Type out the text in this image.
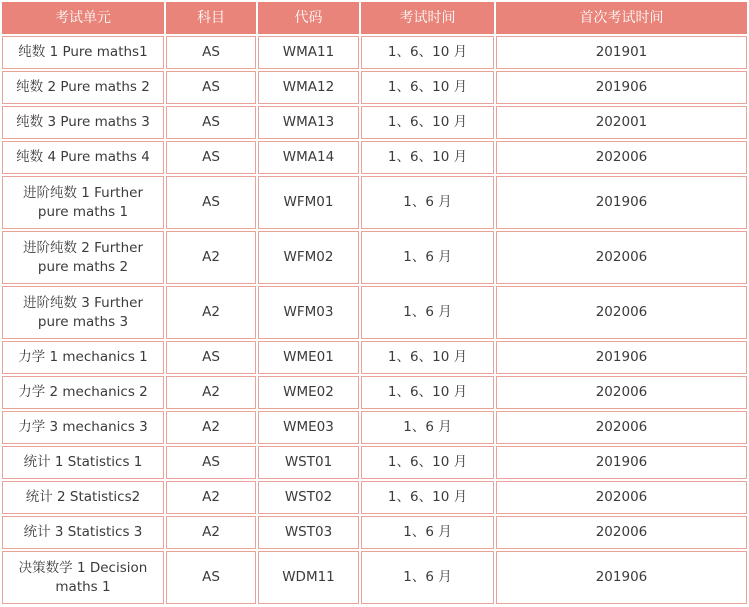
考试单元	科目	代码	考试时间	首次考试时间
纯数 1 Pure maths1	AS	WMA11	1、6、10 月	201901
纯数 2 Pure maths 2	AS	WMA12	1、6、10 月	201906
纯数 3 Pure maths 3	AS	WMA13	1、6、10 月	202001
纯数 4 Pure maths 4	AS	WMA14	1、6、10 月	202006
进阶纯数 1 Further pure maths 1	AS	WFM01	1、6 月	201906
进阶纯数 2 Further pure maths 2	A2	WFM02	1、6 月	202006
进阶纯数 3 Further pure maths 3	A2	WFM03	1、6 月	202006
力学 1 mechanics 1	AS	WME01	1、6、10 月	201906
力学 2 mechanics 2	A2	WME02	1、6、10 月	202006
力学 3 mechanics 3	A2	WME03	1、6 月	202006
统计 1 Statistics 1	AS	WST01	1、6、10 月	201906
统计 2 Statistics2	A2	WST02	1、6、10 月	202006
统计 3 Statistics 3	A2	WST03	1、6 月	202006
决策数学 1 Decision maths 1	AS	WDM11	1、6 月	201906
